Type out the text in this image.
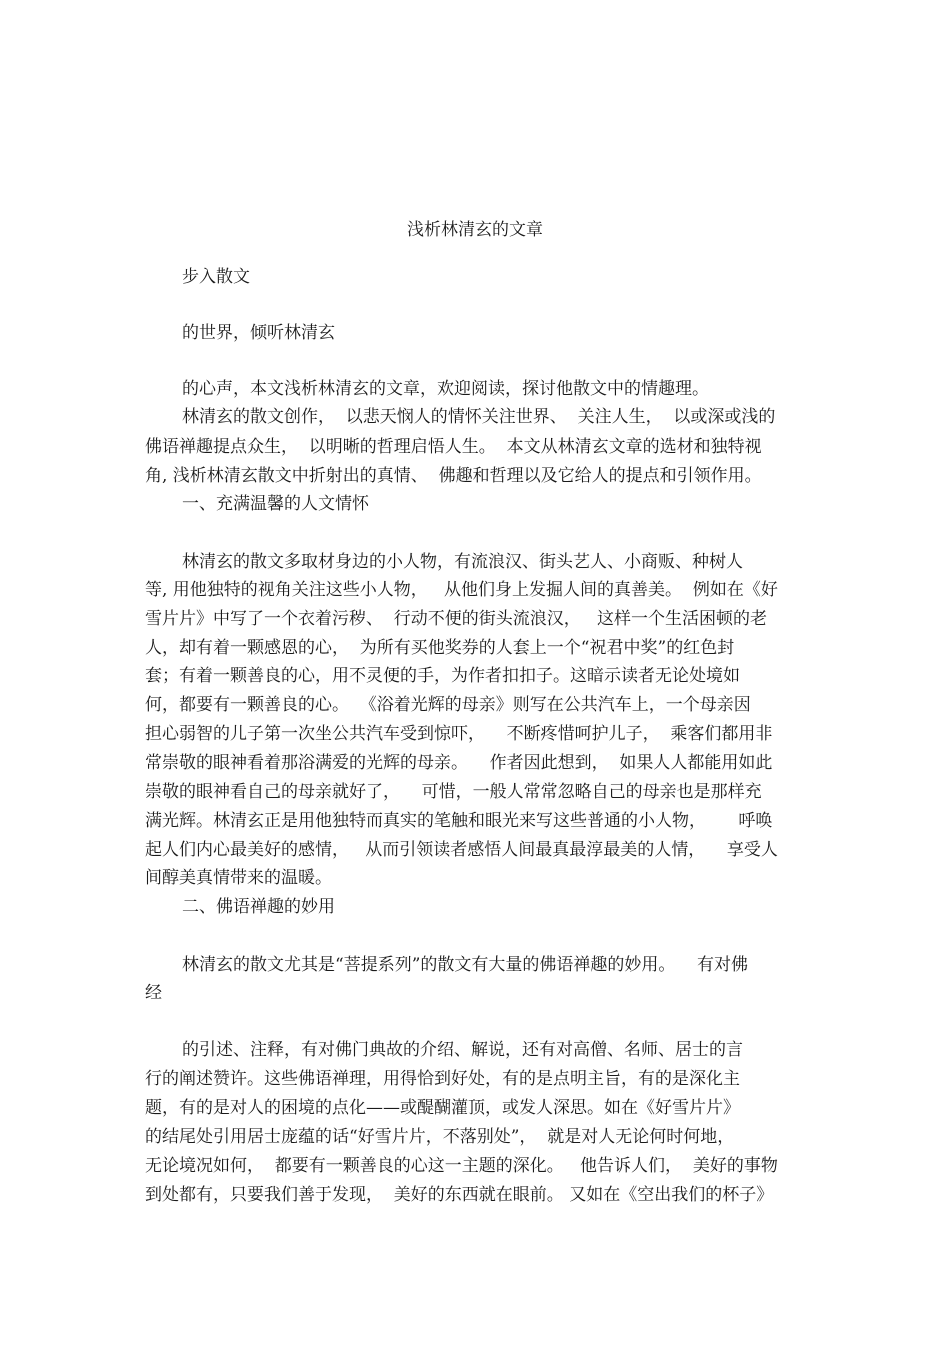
浅析林清玄的文章
步入散文
的世界，倾听林清玄
的心声，本文浅析林清玄的文章，欢迎阅读，探讨他散文中的情趣理。
林清玄的散文创作，  以悲天悯人的情怀关注世界、  关注人生，  以或深或浅的
佛语禅趣提点众生，  以明晰的哲理启悟人生。  本文从林清玄文章的选材和独特视
角, 浅析林清玄散文中折射出的真情、  佛趣和哲理以及它给人的提点和引领作用。
一、充满温馨的人文情怀
林清玄的散文多取材身边的小人物，有流浪汉、街头艺人、小商贩、种树人
等, 用他独特的视角关注这些小人物，   从他们身上发掘人间的真善美。  例如在《好
雪片片》中写了一个衣着污秽、  行动不便的街头流浪汉，   这样一个生活困顿的老
人，却有着一颗感恩的心，  为所有买他奖券的人套上一个“祝君中奖”的红色封
套；有着一颗善良的心，用不灵便的手，为作者扣扣子。这暗示读者无论处境如
何，都要有一颗善良的心。  《浴着光辉的母亲》则写在公共汽车上，一个母亲因
担心弱智的儿子第一次坐公共汽车受到惊吓，    不断疼惜呵护儿子，  乘客们都用非
常崇敬的眼神看着那浴满爱的光辉的母亲。    作者因此想到，  如果人人都能用如此
崇敬的眼神看自己的母亲就好了，    可惜，一般人常常忽略自己的母亲也是那样充
满光辉。林清玄正是用他独特而真实的笔触和眼光来写这些普通的小人物，      呼唤
起人们内心最美好的感情，   从而引领读者感悟人间最真最淳最美的人情，    享受人
间醇美真情带来的温暖。
二、佛语禅趣的妙用
林清玄的散文尤其是“菩提系列”的散文有大量的佛语禅趣的妙用。    有对佛
经
的引述、注释，有对佛门典故的介绍、解说，还有对高僧、名师、居士的言
行的阐述赞许。这些佛语禅理，用得恰到好处，有的是点明主旨，有的是深化主
题，有的是对人的困境的点化——或醍醐灌顶，或发人深思。如在《好雪片片》
的结尾处引用居士庞蕴的话“好雪片片，不落别处”，  就是对人无论何时何地，
无论境况如何，  都要有一颗善良的心这一主题的深化。   他告诉人们，  美好的事物
到处都有，只要我们善于发现，  美好的东西就在眼前。 又如在《空出我们的杯子》
